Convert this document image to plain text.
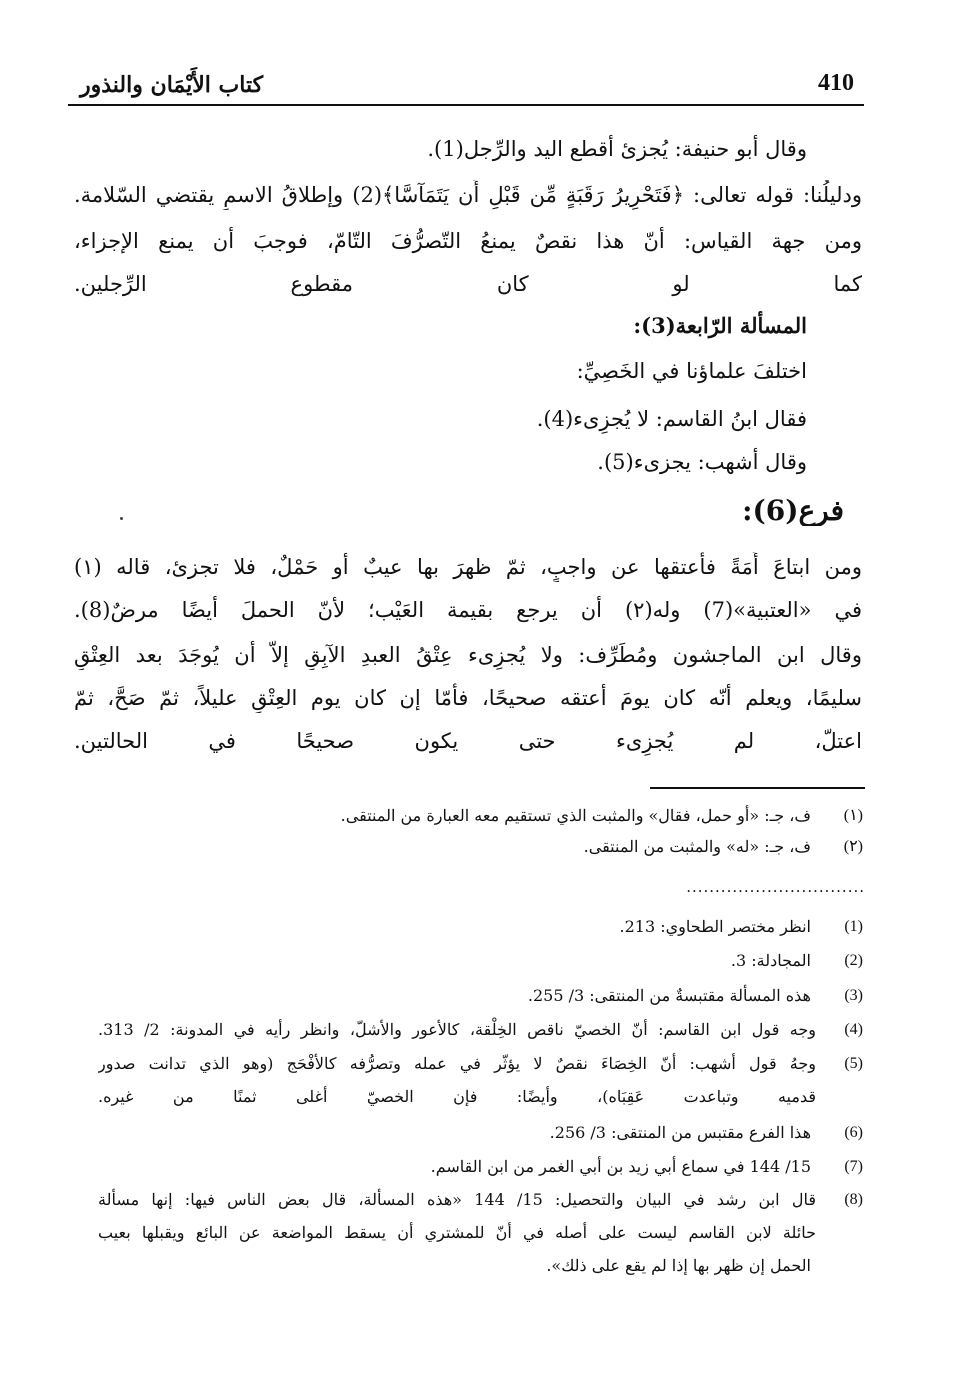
410
كتاب الأَيْمَان والنذور
وقال أبو حنيفة: يُجزئ أقطع اليد والرِّجل(1).
ودليلُنا: قوله تعالى: ﴿فَتَحْرِيرُ رَقَبَةٍ مِّن قَبْلِ أَن يَتَمَآسَّا﴾(2) وإطلاقُ الاسمِ يقتضي السّلامة.
ومن جهة القياس: أنّ هذا نقصٌ يمنعُ التّصرُّفَ التّامّ، فوجبَ أن يمنع الإجزاء،
كما لو كان مقطوع الرِّجلين.
المسألة الرّابعة(3):
اختلفَ علماؤنا في الخَصِيِّ:
فقال ابنُ القاسم: لا يُجزِىء(4).
وقال أشهب: يجزىء(5).
فرع(6):
ومن ابتاعَ أَمَةً فأعتقها عن واجبٍ، ثمّ ظهرَ بها عيبٌ أو حَمْلٌ، فلا تجزئ، قاله (١)
في «العتبية»(7) وله(٢) أن يرجع بقيمة العَيْب؛ لأنّ الحملَ أيضًا مرضٌ(8).
وقال ابن الماجشون ومُطَرِّف: ولا يُجزِىء عِتْقُ العبدِ الآبِقِ إلاّ أن يُوجَدَ بعد العِتْقِ
سليمًا، ويعلم أنّه كان يومَ أعتقه صحيحًا، فأمّا إن كان يوم العِتْقِ عليلاً، ثمّ صَحَّ، ثمّ
اعتلّ، لم يُجزِىء حتى يكون صحيحًا في الحالتين.
(١)
ف، جـ: «أو حمل، فقال» والمثبت الذي تستقيم معه العبارة من المنتقى.
(٢)
ف، جـ: «له» والمثبت من المنتقى.
...............................
(1)
انظر مختصر الطحاوي: 213.
(2)
المجادلة: 3.
(3)
هذه المسألة مقتبسةٌ من المنتقى: 3/ 255.
(4)
وجه قول ابن القاسم: أنّ الخصيّ ناقص الخِلْقة، كالأعور والأشلّ، وانظر رأيه في المدونة: 2/ 313.
(5)
وجهُ قول أشهب: أنّ الخِصَاءَ نقصٌ لا يؤثّر في عمله وتصرُّفه كالأفْحَج (وهو الذي تدانت صدور
قدميه وتباعدت عَقِبَاه)، وأيضًا: فإن الخصيّ أغلى ثمنًا من غيره.
(6)
هذا الفرع مقتبس من المنتقى: 3/ 256.
(7)
15/ 144 في سماع أبي زيد بن أبي الغمر من ابن القاسم.
(8)
قال ابن رشد في البيان والتحصيل: 15/ 144 «هذه المسألة، قال بعض الناس فيها: إنها مسألة
حائلة لابن القاسم ليست على أصله في أنّ للمشتري أن يسقط المواضعة عن البائع ويقبلها بعيب
الحمل إن ظهر بها إذا لم يقع على ذلك».
